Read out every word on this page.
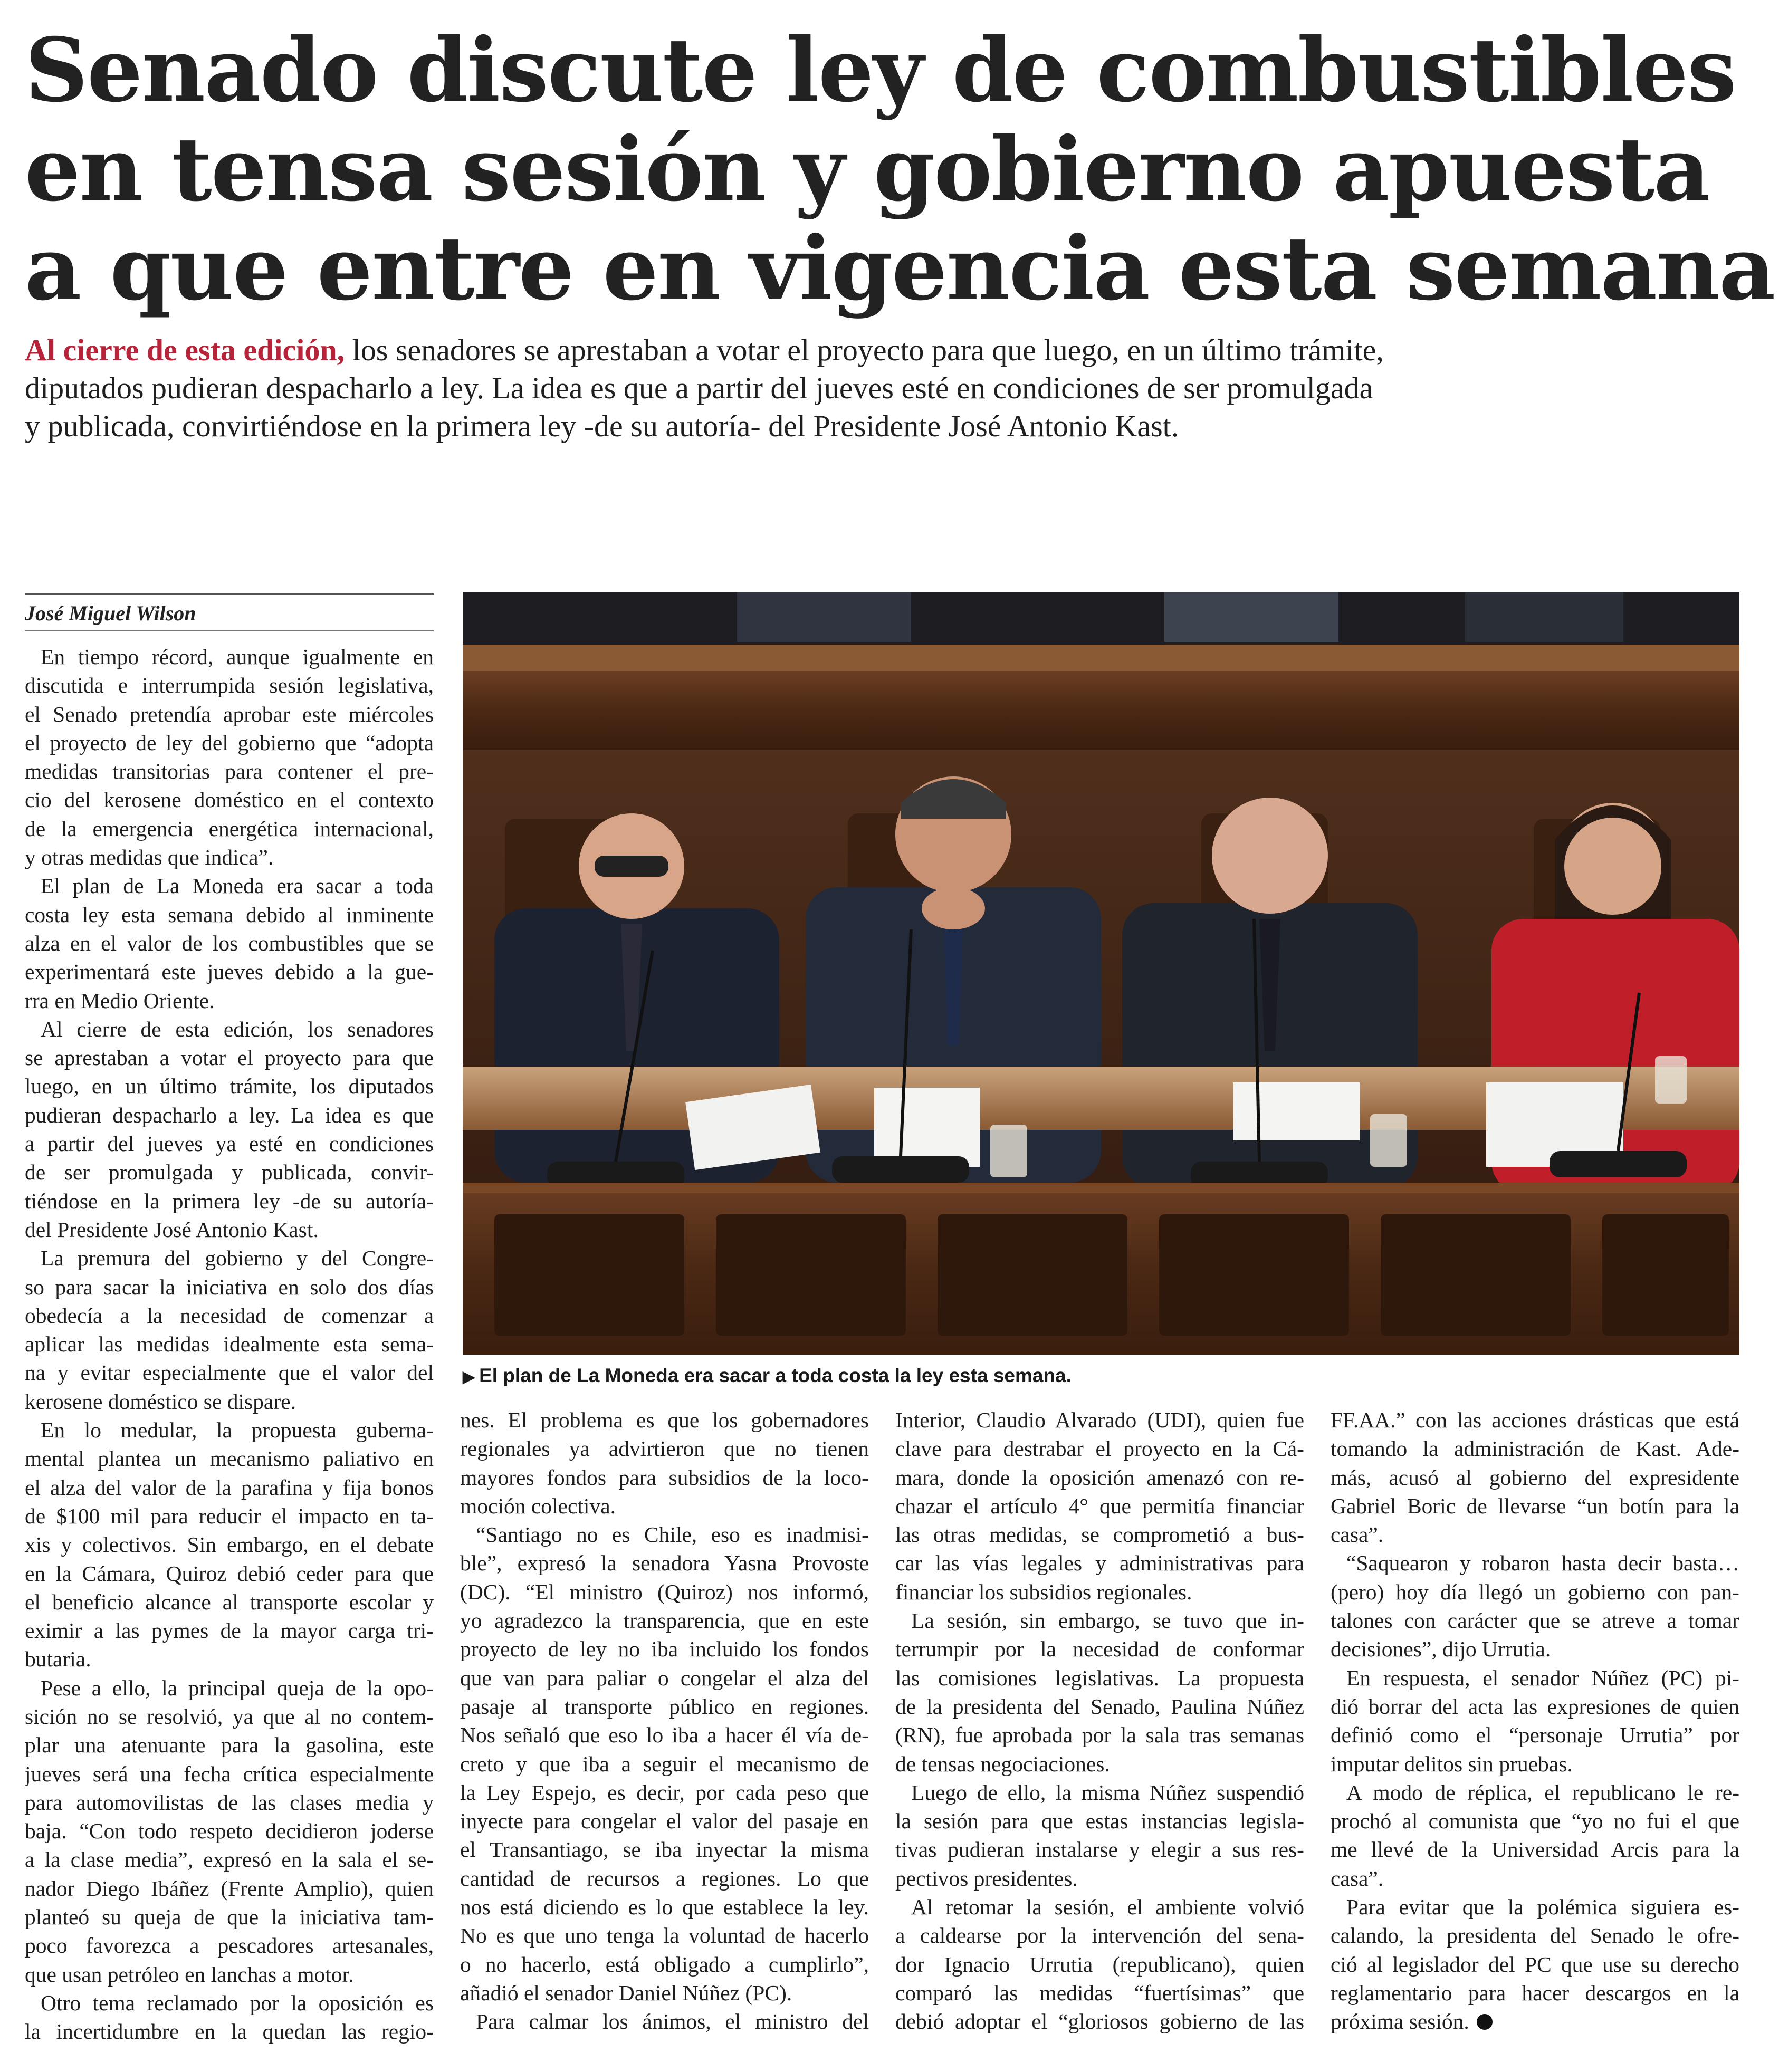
Senado discute ley de combustibles
en tensa sesión y gobierno apuesta
a que entre en vigencia esta semana
Al cierre de esta edición, los senadores se aprestaban a votar el proyecto para que luego, en un último trámite,
diputados pudieran despacharlo a ley. La idea es que a partir del jueves esté en condiciones de ser promulgada
y publicada, convirtiéndose en la primera ley -de su autoría- del Presidente José Antonio Kast.
José Miguel Wilson
En tiempo récord, aunque igualmente en
discutida e interrumpida sesión legislativa,
el Senado pretendía aprobar este miércoles
el proyecto de ley del gobierno que “adopta
medidas transitorias para contener el pre-
cio del kerosene doméstico en el contexto
de la emergencia energética internacional,
y otras medidas que indica”.
El plan de La Moneda era sacar a toda
costa ley esta semana debido al inminente
alza en el valor de los combustibles que se
experimentará este jueves debido a la gue-
rra en Medio Oriente.
Al cierre de esta edición, los senadores
se aprestaban a votar el proyecto para que
luego, en un último trámite, los diputados
pudieran despacharlo a ley. La idea es que
a partir del jueves ya esté en condiciones
de ser promulgada y publicada, convir-
tiéndose en la primera ley -de su autoría-
del Presidente José Antonio Kast.
La premura del gobierno y del Congre-
so para sacar la iniciativa en solo dos días
obedecía a la necesidad de comenzar a
aplicar las medidas idealmente esta sema-
na y evitar especialmente que el valor del
kerosene doméstico se dispare.
En lo medular, la propuesta guberna-
mental plantea un mecanismo paliativo en
el alza del valor de la parafina y fija bonos
de $100 mil para reducir el impacto en ta-
xis y colectivos. Sin embargo, en el debate
en la Cámara, Quiroz debió ceder para que
el beneficio alcance al transporte escolar y
eximir a las pymes de la mayor carga tri-
butaria.
Pese a ello, la principal queja de la opo-
sición no se resolvió, ya que al no contem-
plar una atenuante para la gasolina, este
jueves será una fecha crítica especialmente
para automovilistas de las clases media y
baja. “Con todo respeto decidieron joderse
a la clase media”, expresó en la sala el se-
nador Diego Ibáñez (Frente Amplio), quien
planteó su queja de que la iniciativa tam-
poco favorezca a pescadores artesanales,
que usan petróleo en lanchas a motor.
Otro tema reclamado por la oposición es
la incertidumbre en la quedan las regio-
▶ El plan de La Moneda era sacar a toda costa la ley esta semana.
nes. El problema es que los gobernadores
regionales ya advirtieron que no tienen
mayores fondos para subsidios de la loco-
moción colectiva.
“Santiago no es Chile, eso es inadmisi-
ble”, expresó la senadora Yasna Provoste
(DC). “El ministro (Quiroz) nos informó,
yo agradezco la transparencia, que en este
proyecto de ley no iba incluido los fondos
que van para paliar o congelar el alza del
pasaje al transporte público en regiones.
Nos señaló que eso lo iba a hacer él vía de-
creto y que iba a seguir el mecanismo de
la Ley Espejo, es decir, por cada peso que
inyecte para congelar el valor del pasaje en
el Transantiago, se iba inyectar la misma
cantidad de recursos a regiones. Lo que
nos está diciendo es lo que establece la ley.
No es que uno tenga la voluntad de hacerlo
o no hacerlo, está obligado a cumplirlo”,
añadió el senador Daniel Núñez (PC).
Para calmar los ánimos, el ministro del
Interior, Claudio Alvarado (UDI), quien fue
clave para destrabar el proyecto en la Cá-
mara, donde la oposición amenazó con re-
chazar el artículo 4° que permitía financiar
las otras medidas, se comprometió a bus-
car las vías legales y administrativas para
financiar los subsidios regionales.
La sesión, sin embargo, se tuvo que in-
terrumpir por la necesidad de conformar
las comisiones legislativas. La propuesta
de la presidenta del Senado, Paulina Núñez
(RN), fue aprobada por la sala tras semanas
de tensas negociaciones.
Luego de ello, la misma Núñez suspendió
la sesión para que estas instancias legisla-
tivas pudieran instalarse y elegir a sus res-
pectivos presidentes.
Al retomar la sesión, el ambiente volvió
a caldearse por la intervención del sena-
dor Ignacio Urrutia (republicano), quien
comparó las medidas “fuertísimas” que
debió adoptar el “gloriosos gobierno de las
FF.AA.” con las acciones drásticas que está
tomando la administración de Kast. Ade-
más, acusó al gobierno del expresidente
Gabriel Boric de llevarse “un botín para la
casa”.
“Saquearon y robaron hasta decir basta…
(pero) hoy día llegó un gobierno con pan-
talones con carácter que se atreve a tomar
decisiones”, dijo Urrutia.
En respuesta, el senador Núñez (PC) pi-
dió borrar del acta las expresiones de quien
definió como el “personaje Urrutia” por
imputar delitos sin pruebas.
A modo de réplica, el republicano le re-
prochó al comunista que “yo no fui el que
me llevé de la Universidad Arcis para la
casa”.
Para evitar que la polémica siguiera es-
calando, la presidenta del Senado le ofre-
ció al legislador del PC que use su derecho
reglamentario para hacer descargos en la
próxima sesión.
